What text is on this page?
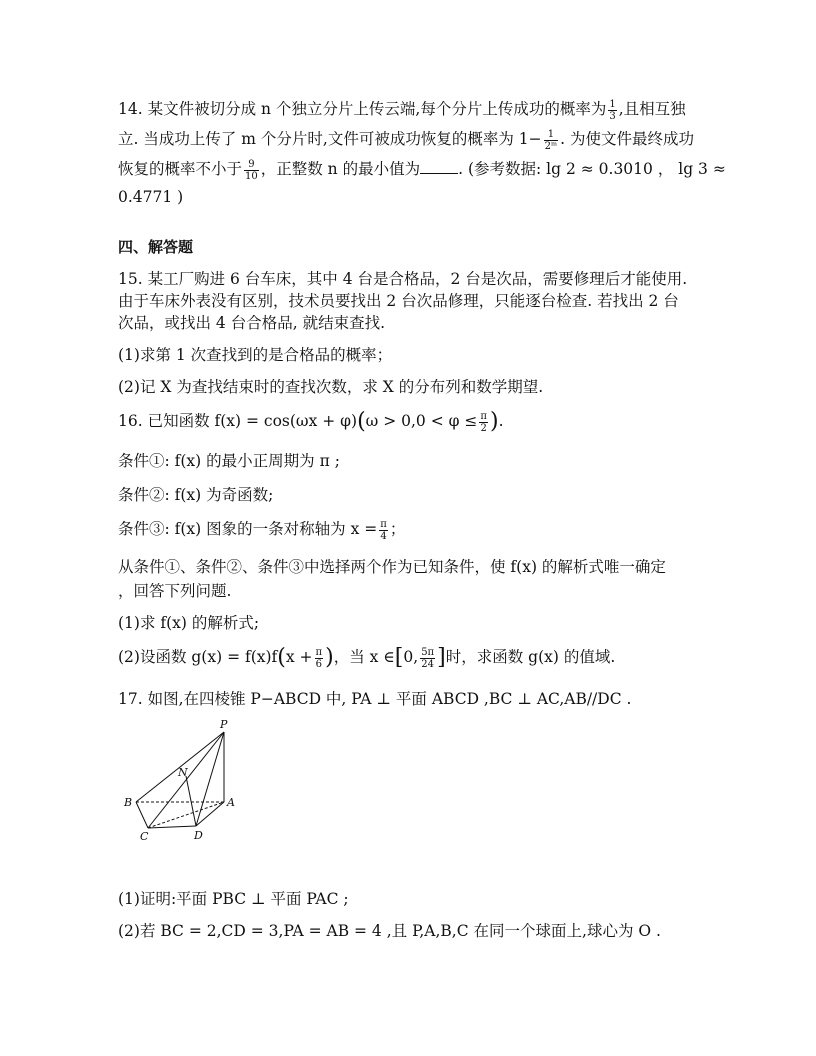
14. 某文件被切分成 n 个独立分片上传云端,每个分片上传成功的概率为 $\frac{1}{3}$ ,且相互独
立. 当成功上传了 m 个分片时,文件可被成功恢复的概率为 $1- \frac{1}{\text{2ᵐ}}$ . 为使文件最终成功
恢复的概率不小于 $\frac{9}{10}$ ，正整数 n 的最小值为 . (参考数据: lg 2 ≈ 0.3010 ， lg 3 ≈
0.4771 )
四、解答题
15. 某工厂购进 6 台车床，其中 4 台是合格品，2 台是次品，需要修理后才能使用.
由于车床外表没有区别，技术员要找出 2 台次品修理，只能逐台检查. 若找出 2 台
次品，或找出 4 台合格品, 就结束查找.
(1)求第 1 次查找到的是合格品的概率；
(2)记 X 为查找结束时的查找次数，求 X 的分布列和数学期望.
16. 已知函数 $f(x) = \cos(\omega x + \varphi)(\omega > 0,0 < \varphi \le \frac{\pi}{2}$ ).
条件①: f(x) 的最小正周期为 π ;
条件②: f(x) 为奇函数;
条件③: f(x) 图象的一条对称轴为 $x = \frac{\pi}{4}$ ；
从条件①、条件②、条件③中选择两个作为已知条件，使 f(x) 的解析式唯一确定
，回答下列问题.
(1)求 f(x) 的解析式;
(2)设函数 $g(x) = f(x)f(x + \frac{\pi}{6}$ )，当 x ∈[0, $\frac{5\pi}{24}$ ]时，求函数 g(x) 的值域.
17. 如图,在四棱锥 P−ABCD 中, PA ⊥ 平面 ABCD ,BC ⊥ AC,AB//DC .
P
N
B	A
C	D
(1)证明:平面 PBC ⊥ 平面 PAC ;
(2)若 BC = 2,CD = 3,PA = AB = 4 ,且 P,A,B,C 在同一个球面上,球心为 O .
